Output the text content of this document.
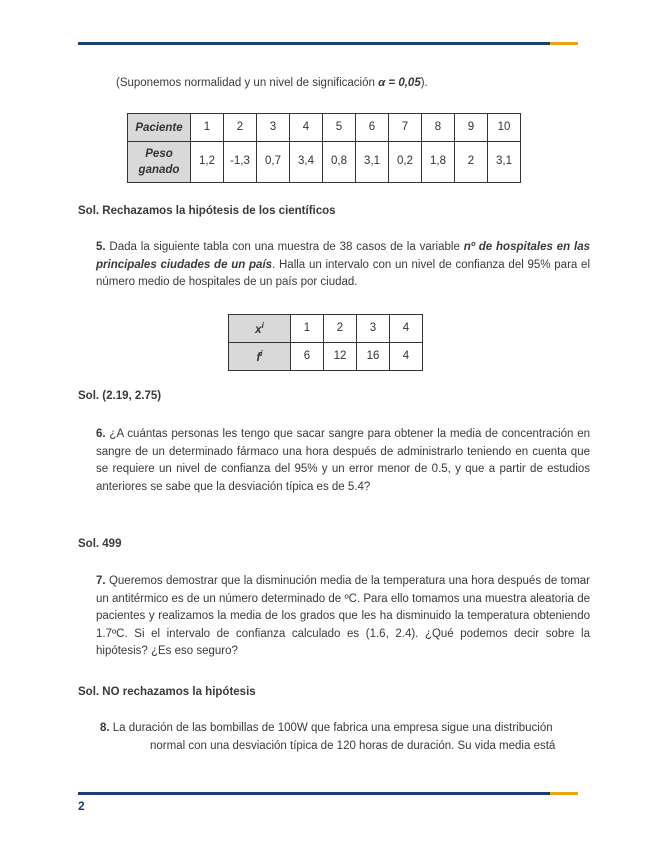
(Suponemos normalidad y un nivel de significación α = 0,05).

Paciente	1	2	3	4	5	6	7	8	9	10
Peso
ganado	1,2	-1,3	0,7	3,4	0,8	3,1	0,2	1,8	2	3,1

Sol. Rechazamos la hipótesis de los científicos

5. Dada la siguiente tabla con una muestra de 38 casos de la variable nº de hospitales en las principales ciudades de un país. Halla un intervalo con un nivel de confianza del 95% para el número medio de hospitales de un país por ciudad.

$x^i$	1	2	3	4
$f^i$	6	12	16	4

Sol. (2.19, 2.75)

6. ¿A cuántas personas les tengo que sacar sangre para obtener la media de concentración en sangre de un determinado fármaco una hora después de administrarlo teniendo en cuenta que se requiere un nivel de confianza del 95% y un error menor de 0.5, y que a partir de estudios anteriores se sabe que la desviación típica es de 5.4?

Sol. 499

7. Queremos demostrar que la disminución media de la temperatura una hora después de tomar un antitérmico es de un número determinado de ºC. Para ello tomamos una muestra aleatoria de pacientes y realizamos la media de los grados que les ha disminuido la temperatura obteniendo 1.7ºC. Si el intervalo de confianza calculado es (1.6, 2.4). ¿Qué podemos decir sobre la hipótesis? ¿Es eso seguro?

Sol. NO rechazamos la hipótesis

8. La duración de las bombillas de 100W que fabrica una empresa sigue una distribución

normal con una desviación típica de 120 horas de duración. Su vida media está

2
